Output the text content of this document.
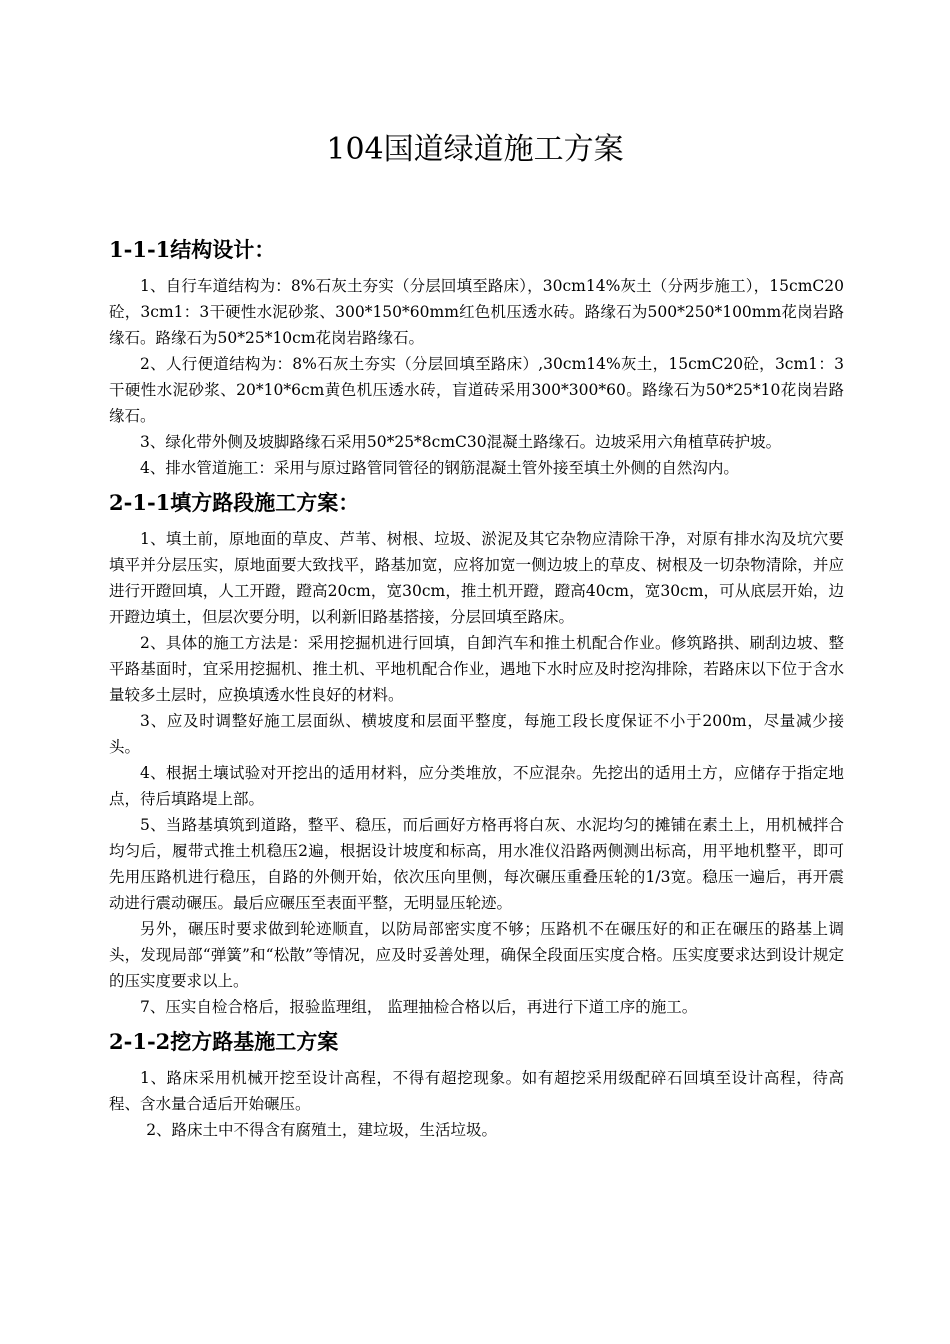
104国道绿道施工方案
1-1-1结构设计：

1、自行车道结构为：8%石灰土夯实（分层回填至路床），30cm14%灰土（分两步施工），15cmC20砼，3cm1：3干硬性水泥砂浆、300*150*60mm红色机压透水砖。路缘石为500*250*100mm花岗岩路缘石。路缘石为50*25*10cm花岗岩路缘石。

2、人行便道结构为：8%石灰土夯实（分层回填至路床）,30cm14%灰土，15cmC20砼，3cm1：3干硬性水泥砂浆、20*10*6cm黄色机压透水砖，盲道砖采用300*300*60。路缘石为50*25*10花岗岩路缘石。

3、绿化带外侧及坡脚路缘石采用50*25*8cmC30混凝土路缘石。边坡采用六角植草砖护坡。

4、排水管道施工：采用与原过路管同管径的钢筋混凝土管外接至填土外侧的自然沟内。

2-1-1填方路段施工方案：

1、填土前，原地面的草皮、芦苇、树根、垃圾、淤泥及其它杂物应清除干净，对原有排水沟及坑穴要填平并分层压实，原地面要大致找平，路基加宽，应将加宽一侧边坡上的草皮、树根及一切杂物清除，并应进行开蹬回填，人工开蹬，蹬高20cm，宽30cm，推土机开蹬，蹬高40cm，宽30cm，可从底层开始，边开蹬边填土，但层次要分明，以利新旧路基搭接，分层回填至路床。

2、具体的施工方法是：采用挖掘机进行回填，自卸汽车和推土机配合作业。修筑路拱、刷刮边坡、整平路基面时，宜采用挖掘机、推土机、平地机配合作业，遇地下水时应及时挖沟排除，若路床以下位于含水量较多土层时，应换填透水性良好的材料。

3、应及时调整好施工层面纵、横坡度和层面平整度，每施工段长度保证不小于200m，尽量减少接头。

4、根据土壤试验对开挖出的适用材料，应分类堆放，不应混杂。先挖出的适用土方，应储存于指定地点，待后填路堤上部。

5、当路基填筑到道路，整平、稳压，而后画好方格再将白灰、水泥均匀的摊铺在素土上，用机械拌合均匀后，履带式推土机稳压2遍，根据设计坡度和标高，用水准仪沿路两侧测出标高，用平地机整平，即可先用压路机进行稳压，自路的外侧开始，依次压向里侧，每次碾压重叠压轮的1/3宽。稳压一遍后，再开震动进行震动碾压。最后应碾压至表面平整，无明显压轮迹。

另外，碾压时要求做到轮迹顺直，以防局部密实度不够；压路机不在碾压好的和正在碾压的路基上调头，发现局部“弹簧”和“松散”等情况，应及时妥善处理，确保全段面压实度合格。压实度要求达到设计规定的压实度要求以上。

7、压实自检合格后，报验监理组， 监理抽检合格以后，再进行下道工序的施工。

2-1-2挖方路基施工方案

1、路床采用机械开挖至设计高程，不得有超挖现象。如有超挖采用级配碎石回填至设计高程，待高程、含水量合适后开始碾压。

2、路床土中不得含有腐殖土，建垃圾，生活垃圾。
